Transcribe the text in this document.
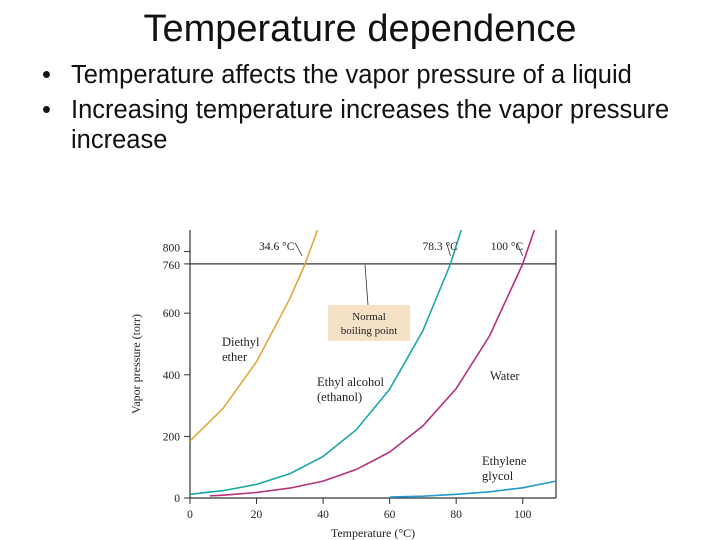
Temperature dependence
• Temperature affects the vapor pressure of a liquid
• Increasing temperature increases the vapor pressure increase
0
200
400
600
760
800
0	20	40	60	80	100
Temperature (°C)
Vapor pressure (torr)
34.6 °C	78.3 °C	100 °C
Normal
boiling point
Diethyl
ether
Ethyl alcohol
(ethanol)
Water
Ethylene
glycol
